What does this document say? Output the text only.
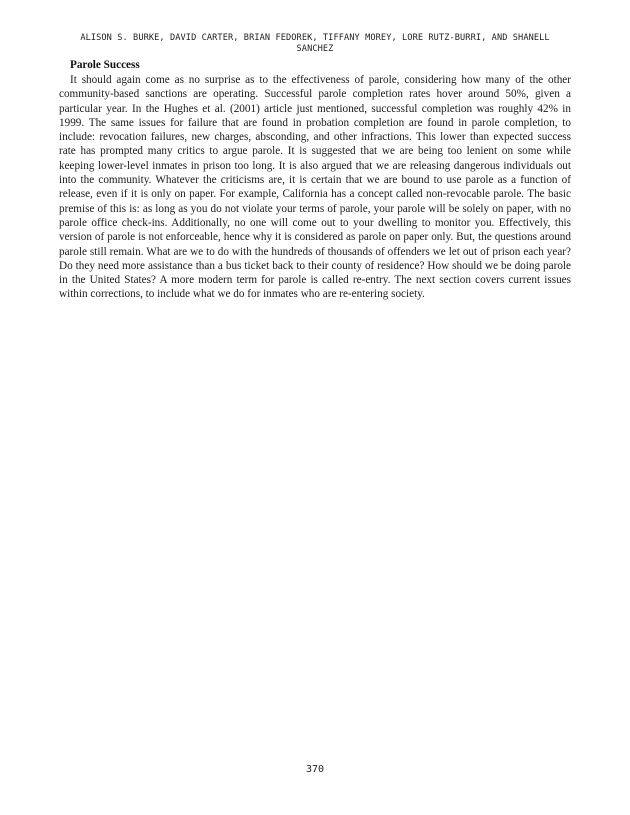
ALISON S. BURKE, DAVID CARTER, BRIAN FEDOREK, TIFFANY MOREY, LORE RUTZ-BURRI, AND SHANELL SANCHEZ
Parole Success

It should again come as no surprise as to the effectiveness of parole, considering how many of the other community-based sanctions are operating. Successful parole completion rates hover around 50%, given a particular year. In the Hughes et al. (2001) article just mentioned, successful completion was roughly 42% in 1999. The same issues for failure that are found in probation completion are found in parole completion, to include: revocation failures, new charges, absconding, and other infractions. This lower than expected success rate has prompted many critics to argue parole. It is suggested that we are being too lenient on some while keeping lower-level inmates in prison too long. It is also argued that we are releasing dangerous individuals out into the community. Whatever the criticisms are, it is certain that we are bound to use parole as a function of release, even if it is only on paper. For example, California has a concept called non-revocable parole. The basic premise of this is: as long as you do not violate your terms of parole, your parole will be solely on paper, with no parole office check-ins. Additionally, no one will come out to your dwelling to monitor you. Effectively, this version of parole is not enforceable, hence why it is considered as parole on paper only. But, the questions around parole still remain. What are we to do with the hundreds of thousands of offenders we let out of prison each year? Do they need more assistance than a bus ticket back to their county of residence? How should we be doing parole in the United States? A more modern term for parole is called re-entry. The next section covers current issues within corrections, to include what we do for inmates who are re-entering society.

370
